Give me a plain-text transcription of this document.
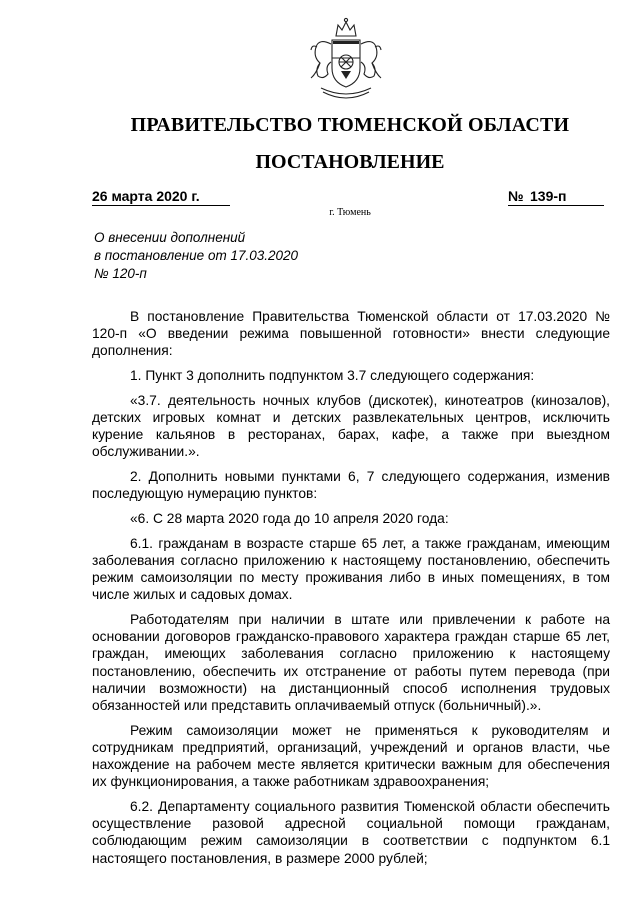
ПРАВИТЕЛЬСТВО ТЮМЕНСКОЙ ОБЛАСТИ
ПОСТАНОВЛЕНИЕ
26 марта 2020 г.	№ 139-п
г. Тюмень
О внесении дополнений
в постановление от 17.03.2020
№ 120-п

В постановление Правительства Тюменской области от 17.03.2020 № 120-п «О введении режима повышенной готовности» внести следующие дополнения:

1. Пункт 3 дополнить подпунктом 3.7 следующего содержания:

«3.7. деятельность ночных клубов (дискотек), кинотеатров (кинозалов), детских игровых комнат и детских развлекательных центров, исключить курение кальянов в ресторанах, барах, кафе, а также при выездном обслуживании.».

2. Дополнить новыми пунктами 6, 7 следующего содержания, изменив последующую нумерацию пунктов:

«6. С 28 марта 2020 года до 10 апреля 2020 года:

6.1. гражданам в возрасте старше 65 лет, а также гражданам, имеющим заболевания согласно приложению к настоящему постановлению, обеспечить режим самоизоляции по месту проживания либо в иных помещениях, в том числе жилых и садовых домах.

Работодателям при наличии в штате или привлечении к работе на основании договоров гражданско-правового характера граждан старше 65 лет, граждан, имеющих заболевания согласно приложению к настоящему постановлению, обеспечить их отстранение от работы путем перевода (при наличии возможности) на дистанционный способ исполнения трудовых обязанностей или представить оплачиваемый отпуск (больничный).».

Режим самоизоляции может не применяться к руководителям и сотрудникам предприятий, организаций, учреждений и органов власти, чье нахождение на рабочем месте является критически важным для обеспечения их функционирования, а также работникам здравоохранения;

6.2. Департаменту социального развития Тюменской области обеспечить осуществление разовой адресной социальной помощи гражданам, соблюдающим режим самоизоляции в соответствии с подпунктом 6.1 настоящего постановления, в размере 2000 рублей;
